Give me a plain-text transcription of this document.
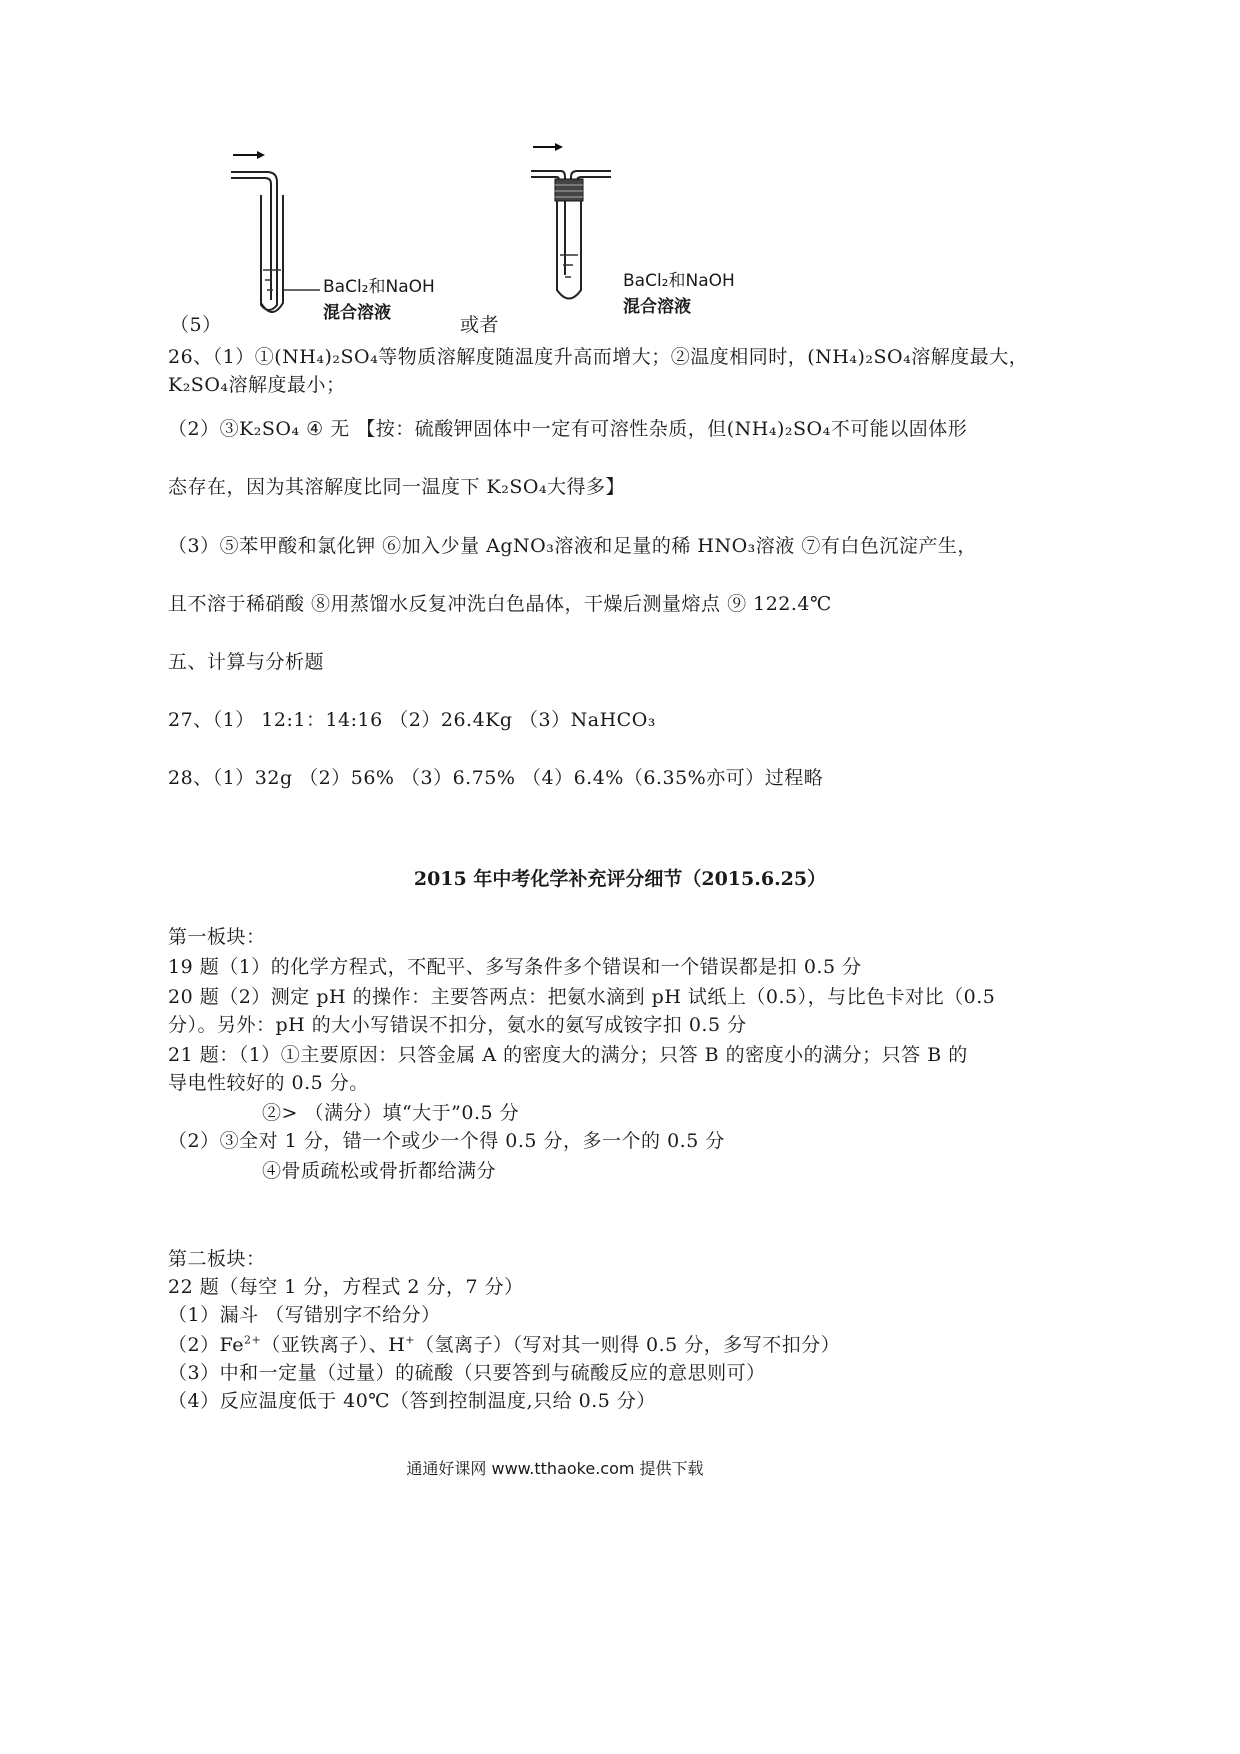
BaCl₂和NaOH
混合溶液
BaCl₂和NaOH
混合溶液
（5）	或者
26、（1）①(NH₄)₂SO₄等物质溶解度随温度升高而增大；②温度相同时，(NH₄)₂SO₄溶解度最大，
K₂SO₄溶解度最小；
（2）③K₂SO₄ ④ 无 【按：硫酸钾固体中一定有可溶性杂质，但(NH₄)₂SO₄不可能以固体形
态存在，因为其溶解度比同一温度下 K₂SO₄大得多】
（3）⑤苯甲酸和氯化钾 ⑥加入少量 AgNO₃溶液和足量的稀 HNO₃溶液 ⑦有白色沉淀产生，
且不溶于稀硝酸 ⑧用蒸馏水反复冲洗白色晶体，干燥后测量熔点 ⑨ 122.4℃
五、计算与分析题
27、（1） 12:1：14:16 （2）26.4Kg （3）NaHCO₃
28、（1）32g （2）56% （3）6.75% （4）6.4%（6.35%亦可）过程略
2015 年中考化学补充评分细节（2015.6.25）
第一板块：
19 题（1）的化学方程式，不配平、多写条件多个错误和一个错误都是扣 0.5 分
20 题（2）测定 pH 的操作：主要答两点：把氨水滴到 pH 试纸上（0.5），与比色卡对比（0.5
分）。另外：pH 的大小写错误不扣分，氨水的氨写成铵字扣 0.5 分
21 题：（1）①主要原因：只答金属 A 的密度大的满分；只答 B 的密度小的满分；只答 B 的
导电性较好的 0.5 分。
②> （满分）填“大于”0.5 分
（2）③全对 1 分，错一个或少一个得 0.5 分，多一个的 0.5 分
④骨质疏松或骨折都给满分
第二板块：
22 题（每空 1 分，方程式 2 分，7 分）
（1）漏斗 （写错别字不给分）
$(2)Fe^{2+}$（亚铁离子）、H+（氢离子）（写对其一则得 0.5 分，多写不扣分）
（3）中和一定量（过量）的硫酸（只要答到与硫酸反应的意思则可）
（4）反应温度低于 40℃（答到控制温度,只给 0.5 分）
通通好课网 www.tthaoke.com 提供下载
